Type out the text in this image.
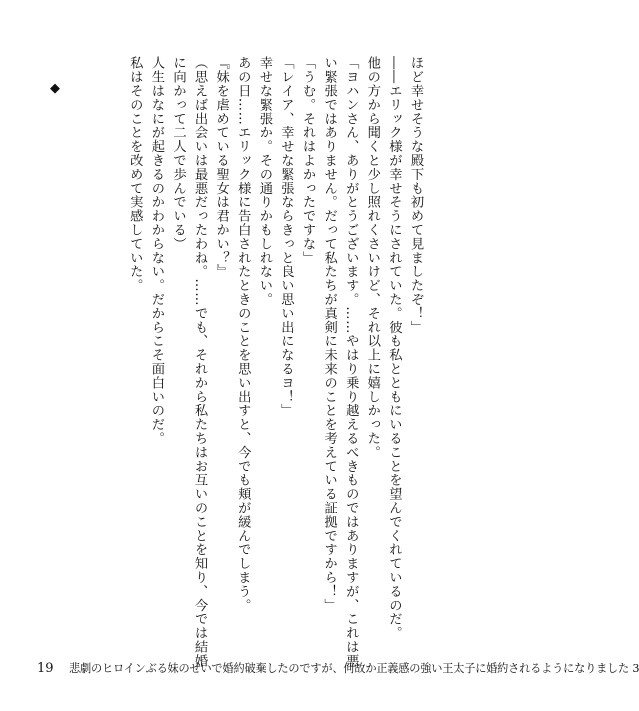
ほど幸せそうな殿下も初めて見ましたぞ！」

――エリック様が幸せそうにされていた。彼も私とともにいることを望んでくれているのだ。

他の方から聞くと少し照れくさいけど、それ以上に嬉しかった。

「ヨハンさん、ありがとうございます。……やはり乗り越えるべきものではありますが、これは悪

い緊張ではありません。だって私たちが真剣に未来のことを考えている証拠ですから！」

「うむ。それはよかったですな」

「レイア、幸せな緊張ならきっと良い思い出になるヨ！」

幸せな緊張か。その通りかもしれない。

あの日……エリック様に告白されたときのことを思い出すと、今でも頬が緩んでしまう。

『妹を虐めている聖女は君かい？』

（思えば出会いは最悪だったわね。……でも、それから私たちはお互いのことを知り、今では結婚

に向かって二人で歩んでいる）

人生はなにが起きるのかわからない。だからこそ面白いのだ。

私はそのことを改めて実感していた。

◆
19 悲劇のヒロインぶる妹のせいで婚約破棄したのですが、何故か正義感の強い王太子に婚約されるようになりました 3
